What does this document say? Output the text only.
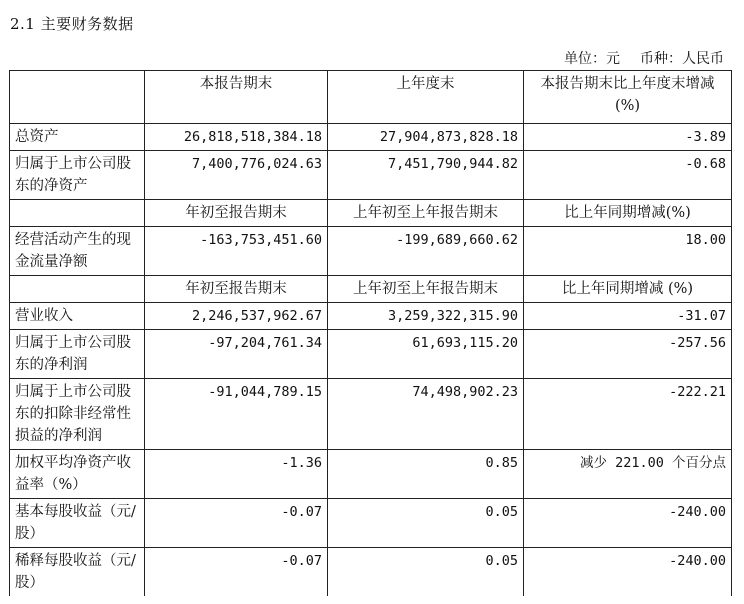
2.1 主要财务数据
单位：元 币种：人民币
	本报告期末	上年度末	本报告期末比上年度末增减(%)
总资产	26,818,518,384.18	27,904,873,828.18	-3.89
归属于上市公司股东的净资产	7,400,776,024.63	7,451,790,944.82	-0.68
	年初至报告期末	上年初至上年报告期末	比上年同期增减(%)
经营活动产生的现金流量净额	-163,753,451.60	-199,689,660.62	18.00
	年初至报告期末	上年初至上年报告期末	比上年同期增减 (%)
营业收入	2,246,537,962.67	3,259,322,315.90	-31.07
归属于上市公司股东的净利润	-97,204,761.34	61,693,115.20	-257.56
归属于上市公司股东的扣除非经常性损益的净利润	-91,044,789.15	74,498,902.23	-222.21
加权平均净资产收益率（%）	-1.36	0.85	减少 221.00 个百分点
基本每股收益（元/股）	-0.07	0.05	-240.00
稀释每股收益（元/股）	-0.07	0.05	-240.00
